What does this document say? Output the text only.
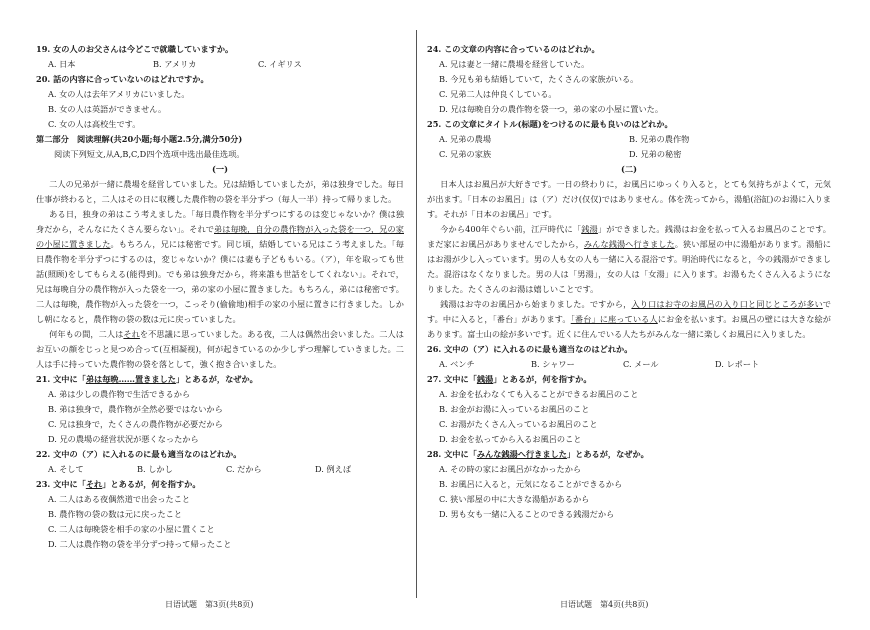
19. 女の人のお父さんは今どこで就職していますか。
A. 日本	B. アメリカ	C. イギリス
20. 話の内容に合っていないのはどれですか。
A. 女の人は去年アメリカにいました。
B. 女の人は英語ができません。
C. 女の人は高校生です。
第二部分　阅读理解(共20小题;每小题2.5分,满分50分)
阅读下列短文,从A,B,C,D四个选项中选出最佳选项。
(一)

二人の兄弟が一緒に農場を経営していました。兄は結婚していましたが，弟は独身でした。毎日仕事が終わると，二人はその日に収穫した農作物の袋を半分ずつ（毎人一半）持って帰りました。

ある日，独身の弟はこう考えました。「毎日農作物を半分ずつにするのは変じゃないか？僕は独身だから，そんなにたくさん要らない」。それで弟は毎晩，自分の農作物が入った袋を一つ，兄の家の小屋に置きました。もちろん，兄には秘密です。同じ頃，結婚している兄はこう考えました。「毎日農作物を半分ずつにするのは，変じゃないか？僕には妻も子どももいる。（ア），年を取っても世話(照顾)をしてもらえる(能得到)。でも弟は独身だから，将来誰も世話をしてくれない」。それで，兄は毎晩自分の農作物が入った袋を一つ，弟の家の小屋に置きました。もちろん，弟には秘密です。二人は毎晩，農作物が入った袋を一つ，こっそり(偷偷地)相手の家の小屋に置きに行きました。しかし朝になると，農作物の袋の数は元に戻っていました。

何年もの間，二人はそれを不思議に思っていました。ある夜，二人は偶然出会いました。二人はお互いの顔をじっと見つめ合って(互相凝视)，何が起きているのか少しずつ理解していきました。二人は手に持っていた農作物の袋を落として，強く抱き合いました。

21. 文中に「弟は毎晩……置きました」とあるが，なぜか。
A. 弟は少しの農作物で生活できるから
B. 弟は独身で，農作物が全然必要ではないから
C. 兄は独身で，たくさんの農作物が必要だから
D. 兄の農場の経営状況が悪くなったから
22. 文中の（ア）に入れるのに最も適当なのはどれか。
A. そして	B. しかし	C. だから	D. 例えば
23. 文中に「それ」とあるが，何を指すか。
A. 二人はある夜偶然道で出会ったこと
B. 農作物の袋の数は元に戻ったこと
C. 二人は毎晩袋を相手の家の小屋に置くこと
D. 二人は農作物の袋を半分ずつ持って帰ったこと
24. この文章の内容に合っているのはどれか。
A. 兄は妻と一緒に農場を経営していた。
B. 今兄も弟も結婚していて，たくさんの家族がいる。
C. 兄弟二人は仲良くしている。
D. 兄は毎晩自分の農作物を袋一つ，弟の家の小屋に置いた。
25. この文章にタイトル(标题)をつけるのに最も良いのはどれか。
A. 兄弟の農場	B. 兄弟の農作物
C. 兄弟の家族	D. 兄弟の秘密
(二)

日本人はお風呂が大好きです。一日の終わりに，お風呂にゆっくり入ると，とても気持ちがよくて，元気が出ます。「日本のお風呂」は（ア）だけ(仅仅)ではありません。体を洗ってから，湯船(浴缸)のお湯に入ります。それが「日本のお風呂」です。

今から400年ぐらい前，江戸時代に「銭湯」ができました。銭湯はお金を払って入るお風呂のことです。まだ家にお風呂がありませんでしたから，みんな銭湯へ行きました。狭い部屋の中に湯船があります。湯船にはお湯が少し入っています。男の人も女の人も一緒に入る混浴です。明治時代になると，今の銭湯ができました。混浴はなくなりました。男の人は「男湯」，女の人は「女湯」に入ります。お湯もたくさん入るようになりました。たくさんのお湯は嬉しいことです。

銭湯はお寺のお風呂から始まりました。ですから，入り口はお寺のお風呂の入り口と同じところが多いです。中に入ると，「番台」があります。「番台」に座っている人にお金を払います。お風呂の壁には大きな絵があります。富士山の絵が多いです。近くに住んでいる人たちがみんな一緒に楽しくお風呂に入りました。

26. 文中の（ア）に入れるのに最も適当なのはどれか。
A. ベンチ	B. シャワー	C. メール	D. レポート
27. 文中に「銭湯」とあるが，何を指すか。
A. お金を払わなくても入ることができるお風呂のこと
B. お金がお湯に入っているお風呂のこと
C. お湯がたくさん入っているお風呂のこと
D. お金を払ってから入るお風呂のこと
28. 文中に「みんな銭湯へ行きました」とあるが，なぜか。
A. その時の家にお風呂がなかったから
B. お風呂に入ると，元気になることができるから
C. 狭い部屋の中に大きな湯船があるから
D. 男も女も一緒に入ることのできる銭湯だから
日语试题　第3页(共8页)	日语试题　第4页(共8页)
